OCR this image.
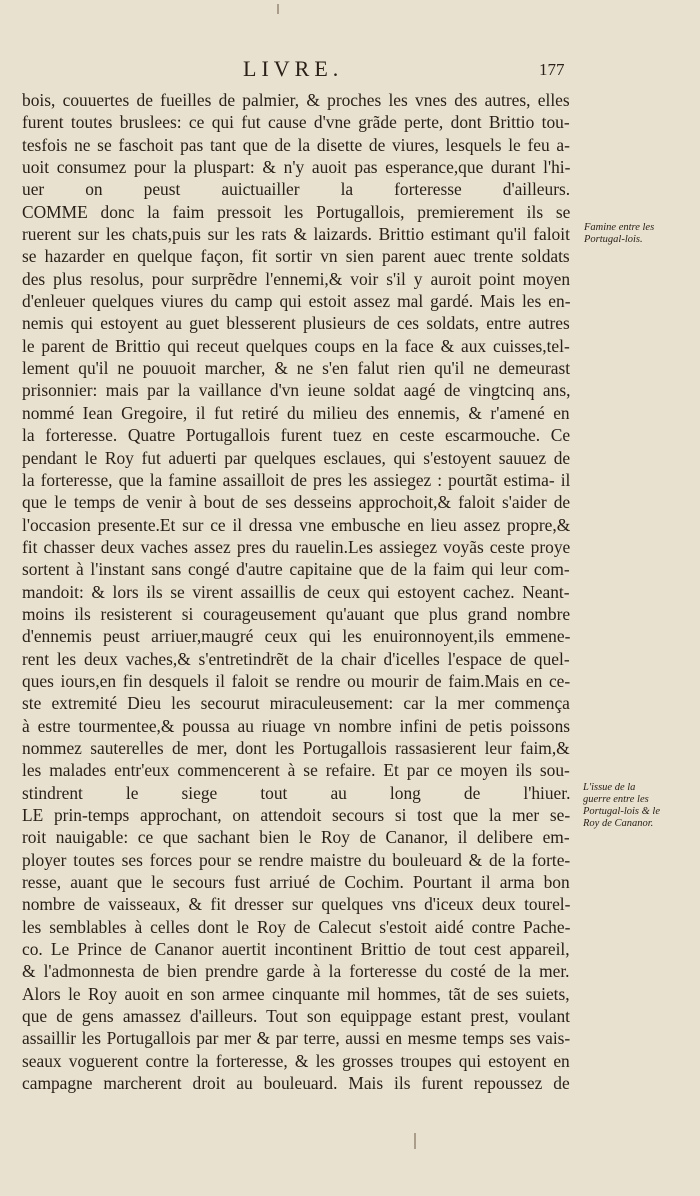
LIVRE.	177
bois, couuertes de fueilles de palmier, & proches les vnes des autres, elles
furent toutes bruslees: ce qui fut cause d'vne grãde perte, dont Brittio tou-
tesfois ne se faschoit pas tant que de la disette de viures, lesquels le feu a-
uoit consumez pour la pluspart: & n'y auoit pas esperance,que durant l'hi-
uer on peust auictuailler la forteresse d'ailleurs.
COMME donc la faim pressoit les Portugallois, premierement ils se
ruerent sur les chats,puis sur les rats & laizards. Brittio estimant qu'il faloit
se hazarder en quelque façon, fit sortir vn sien parent auec trente soldats
des plus resolus, pour surprẽdre l'ennemi,& voir s'il y auroit point moyen
d'enleuer quelques viures du camp qui estoit assez mal gardé. Mais les en-
nemis qui estoyent au guet blesserent plusieurs de ces soldats, entre autres
le parent de Brittio qui receut quelques coups en la face & aux cuisses,tel-
lement qu'il ne pouuoit marcher, & ne s'en falut rien qu'il ne demeurast
prisonnier: mais par la vaillance d'vn ieune soldat aagé de vingtcinq ans,
nommé Iean Gregoire, il fut retiré du milieu des ennemis, & r'amené en
la forteresse. Quatre Portugallois furent tuez en ceste escarmouche. Ce
pendant le Roy fut aduerti par quelques esclaues, qui s'estoyent sauuez de
la forteresse, que la famine assailloit de pres les assiegez : pourtãt estima- il
que le temps de venir à bout de ses desseins approchoit,& faloit s'aider de
l'occasion presente.Et sur ce il dressa vne embusche en lieu assez propre,&
fit chasser deux vaches assez pres du rauelin.Les assiegez voyãs ceste proye
sortent à l'instant sans congé d'autre capitaine que de la faim qui leur com-
mandoit: & lors ils se virent assaillis de ceux qui estoyent cachez. Neant-
moins ils resisterent si courageusement qu'auant que plus grand nombre
d'ennemis peust arriuer,maugré ceux qui les enuironnoyent,ils emmene-
rent les deux vaches,& s'entretindrẽt de la chair d'icelles l'espace de quel-
ques iours,en fin desquels il faloit se rendre ou mourir de faim.Mais en ce-
ste extremité Dieu les secourut miraculeusement: car la mer commença
à estre tourmentee,& poussa au riuage vn nombre infini de petis poissons
nommez sauterelles de mer, dont les Portugallois rassasierent leur faim,&
les malades entr'eux commencerent à se refaire. Et par ce moyen ils sou-
stindrent le siege tout au long de l'hiuer.
LE prin-temps approchant, on attendoit secours si tost que la mer se-
roit nauigable: ce que sachant bien le Roy de Cananor, il delibere em-
ployer toutes ses forces pour se rendre maistre du bouleuard & de la forte-
resse, auant que le secours fust arriué de Cochim. Pourtant il arma bon
nombre de vaisseaux, & fit dresser sur quelques vns d'iceux deux tourel-
les semblables à celles dont le Roy de Calecut s'estoit aidé contre Pache-
co. Le Prince de Cananor auertit incontinent Brittio de tout cest appareil,
& l'admonnesta de bien prendre garde à la forteresse du costé de la mer.
Alors le Roy auoit en son armee cinquante mil hommes, tãt de ses suiets,
que de gens amassez d'ailleurs. Tout son equippage estant prest, voulant
assaillir les Portugallois par mer & par terre, aussi en mesme temps ses vais-
seaux voguerent contre la forteresse, & les grosses troupes qui estoyent en
campagne marcherent droit au bouleuard. Mais ils furent repoussez de
Famine entre les Portugal-lois.
L'issue de la guerre entre les Portugal-lois & le Roy de Cananor.
